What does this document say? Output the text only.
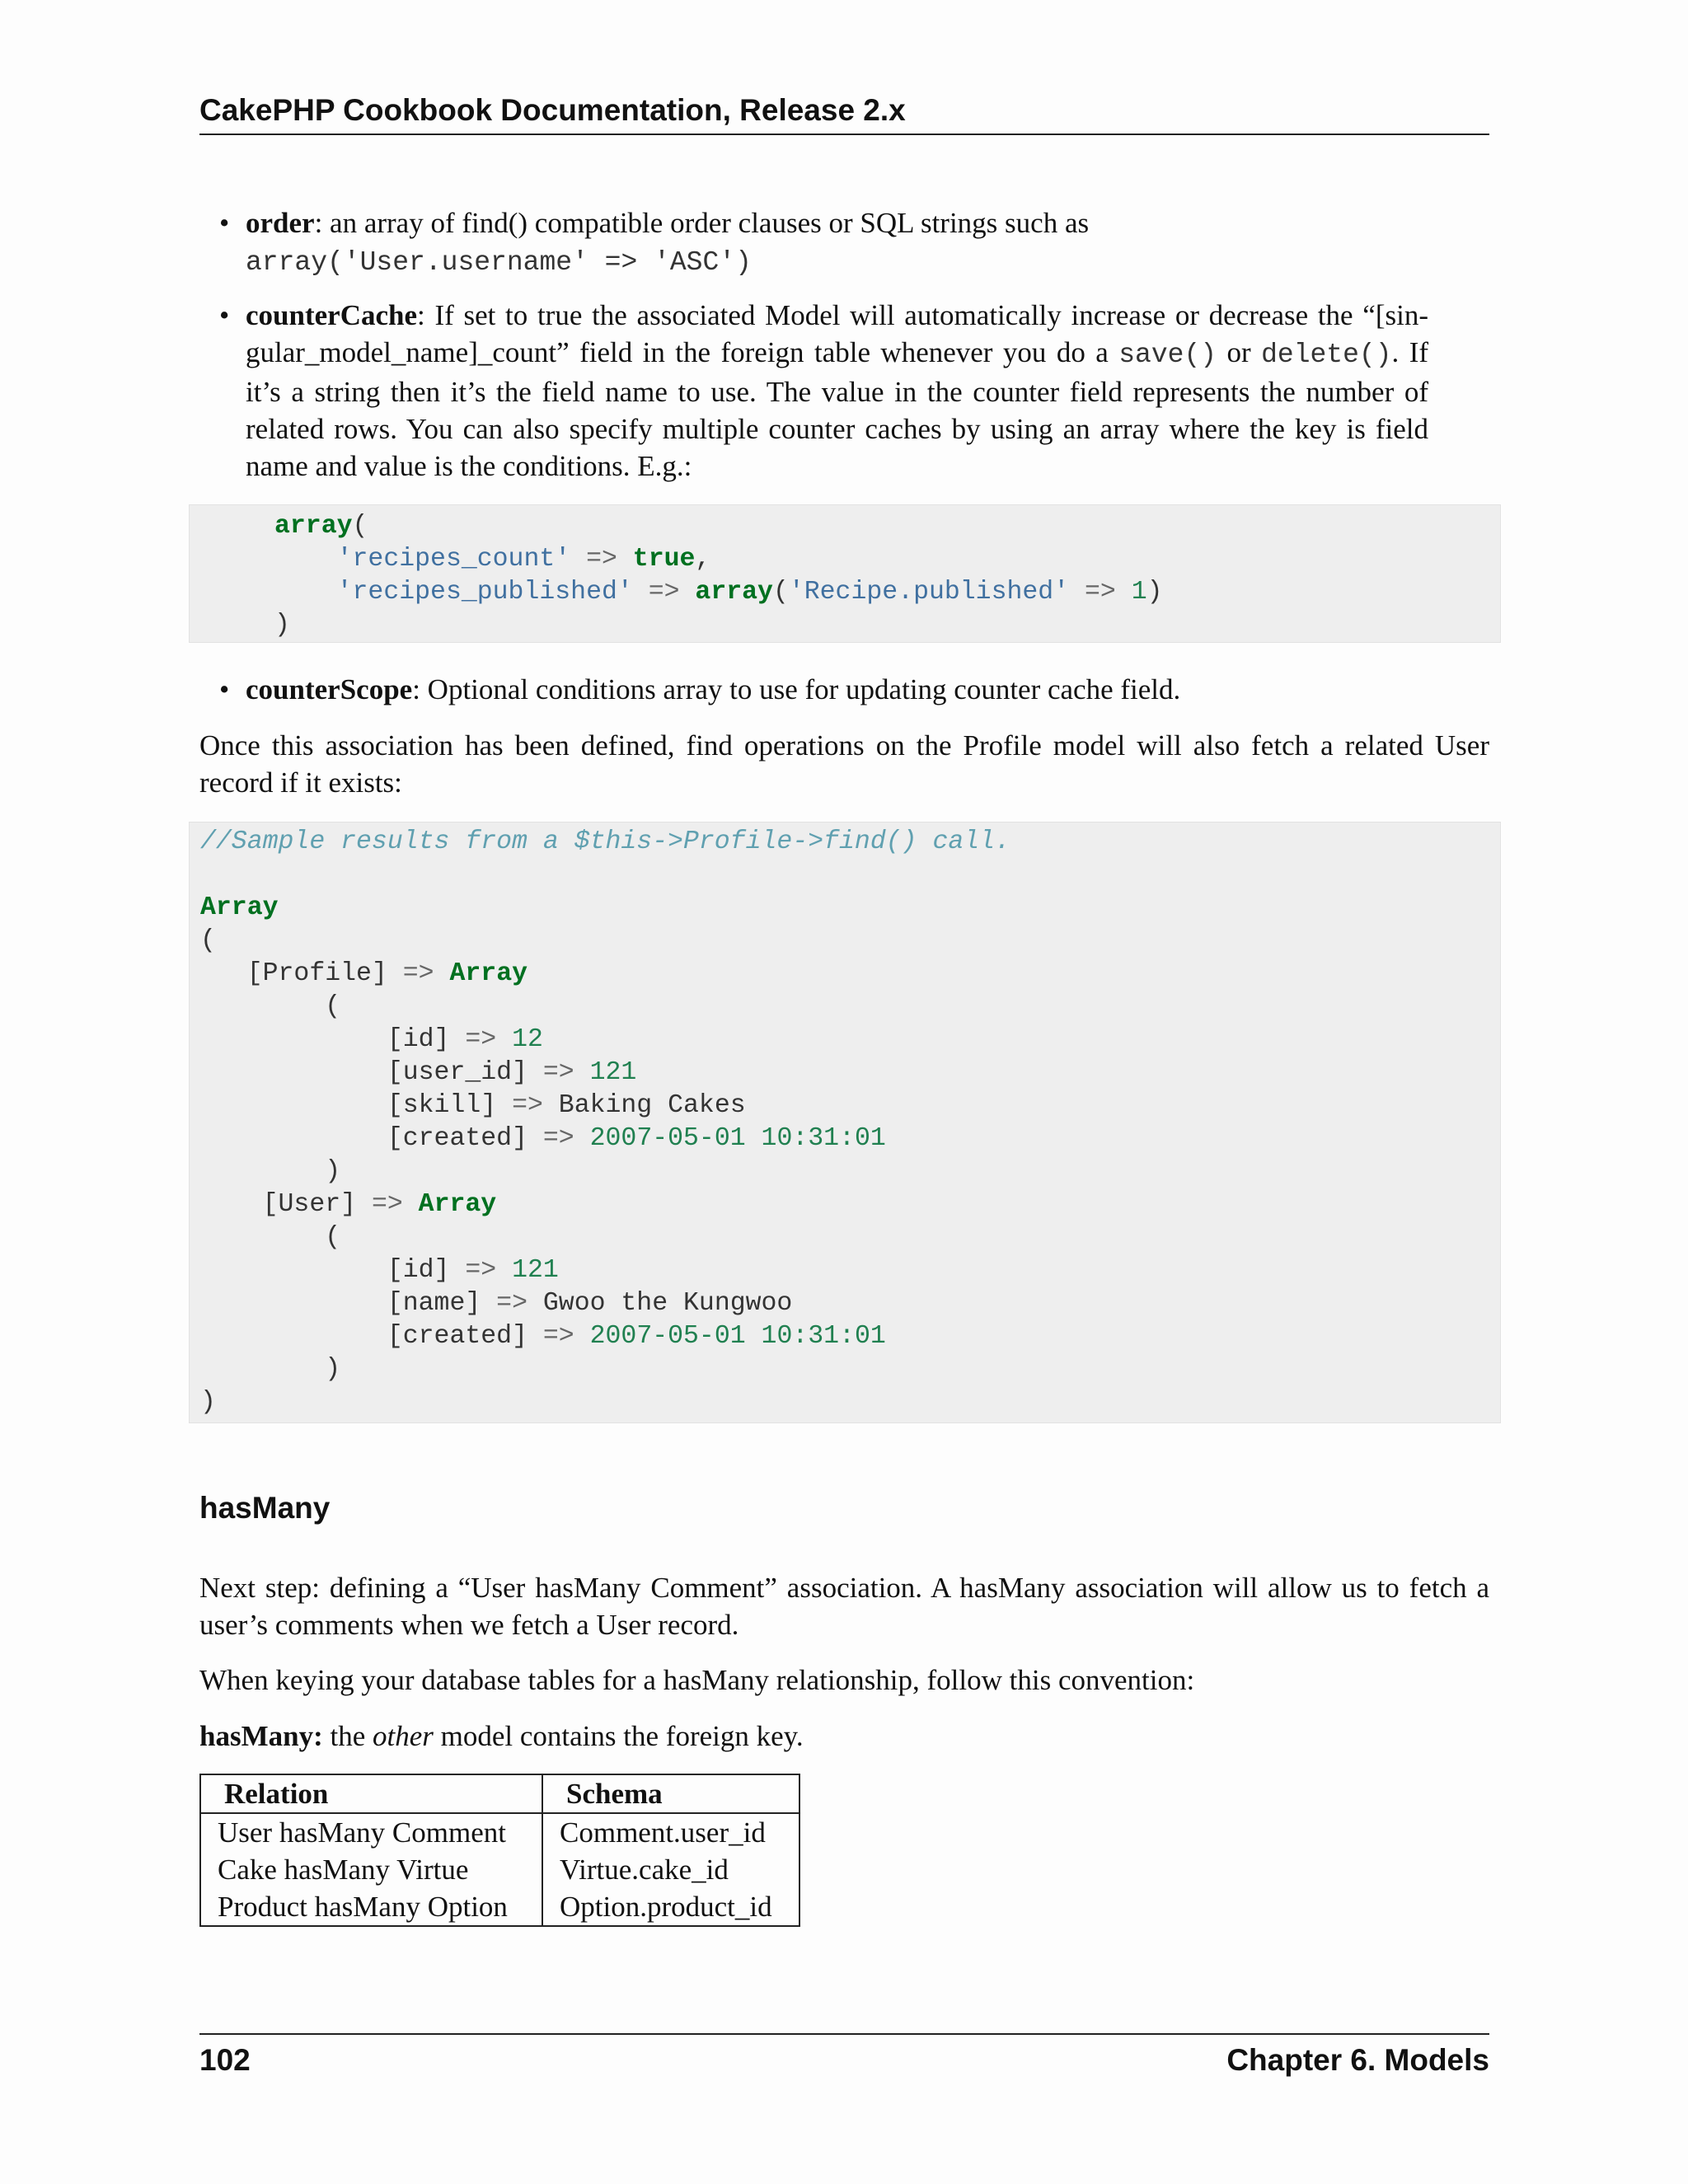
CakePHP Cookbook Documentation, Release 2.x
• order: an array of find() compatible order clauses or SQL strings such as
array('User.username' => 'ASC')
• counterCache: If set to true the associated Model will automatically increase or decrease the “[sin-gular_model_name]_count” field in the foreign table whenever you do a save() or delete(). If it’s a string then it’s the field name to use. The value in the counter field represents the number of related rows. You can also specify multiple counter caches by using an array where the key is field name and value is the conditions. E.g.:
array(
'recipes_count' => true,
'recipes_published' => array('Recipe.published' => 1)
)
• counterScope: Optional conditions array to use for updating counter cache field.
Once this association has been defined, find operations on the Profile model will also fetch a related User record if it exists:
//Sample results from a $this->Profile->find() call.

Array
(
[Profile] => Array
(
[id] => 12
[user_id] => 121
[skill] => Baking Cakes
[created] => 2007-05-01 10:31:01
)
[User] => Array
(
[id] => 121
[name] => Gwoo the Kungwoo
[created] => 2007-05-01 10:31:01
)
)
hasMany
Next step: defining a “User hasMany Comment” association. A hasMany association will allow us to fetch a user’s comments when we fetch a User record.
When keying your database tables for a hasMany relationship, follow this convention:
hasMany: the other model contains the foreign key.
Relation	Schema
User hasMany Comment	Comment.user_id
Cake hasMany Virtue	Virtue.cake_id
Product hasMany Option	Option.product_id
102	Chapter 6. Models
